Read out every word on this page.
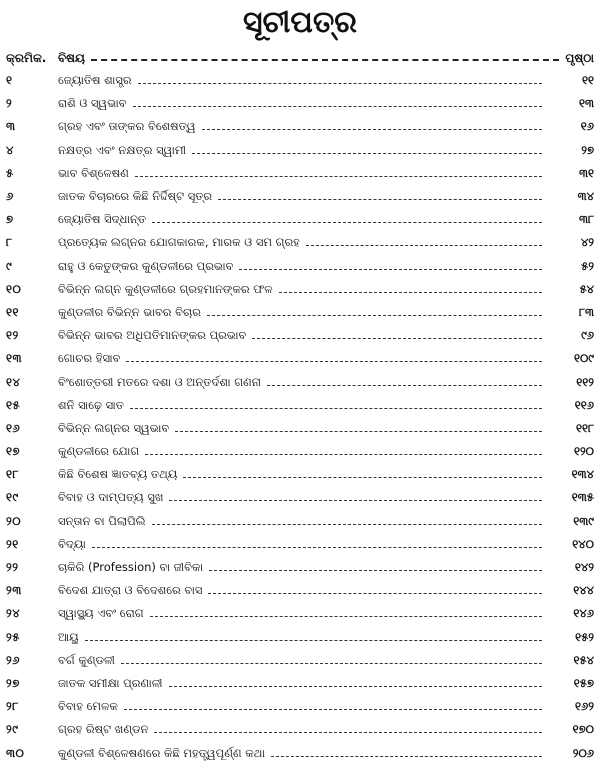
ସୂଚୀପତ୍ର
କ୍ରମିକ. ବିଷୟ	ପୃଷ୍ଠା
୧	ଜ୍ୟୋତିଷ ଶାସ୍ତ୍ର	୧୧
୨	ରାଶି ଓ ସ୍ୱଭାବ	୧୩
୩	ଗ୍ରହ ଏବଂ ତାଙ୍କର ବିଶେଷତ୍ୱ	୧୬
୪	ନକ୍ଷତ୍ର ଏବଂ ନକ୍ଷତ୍ର ସ୍ୱାମୀ	୨୭
୫	ଭାବ ବିଶ୍ଳେଷଣ	୩୧
୬	ଜାତକ ବିଚାରରେ କିଛି ନିର୍ଦ୍ଦିଷ୍ଟ ସୂତ୍ର	୩୪
୭	ଜ୍ୟୋତିଷ ସିଦ୍ଧାନ୍ତ	୩୮
୮	ପ୍ରତ୍ୟେକ ଲଗ୍ନର ଯୋଗକାରକ, ମାରକ ଓ ସମ ଗ୍ରହ	୪୨
୯	ରାହୁ ଓ କେତୁଙ୍କର କୁଣ୍ଡଳୀରେ ପ୍ରଭାବ	୫୨
୧୦	ବିଭିନ୍ନ ଲଗ୍ନ କୁଣ୍ଡଳୀରେ ଗ୍ରହମାନଙ୍କର ଫଳ	୫୪
୧୧	କୁଣ୍ଡଳୀର ବିଭିନ୍ନ ଭାବର ବିଚାର	୮୩
୧୨	ବିଭିନ୍ନ ଭାବର ଅଧିପତିମାନଙ୍କର ପ୍ରଭାବ	୯୬
୧୩	ଗୋଚର ହିସାବ	୧୦୯
୧୪	ବିଂଶୋତ୍ତରୀ ମତରେ ଦଶା ଓ ଅନ୍ତର୍ଦଶା ଗଣନା	୧୧୨
୧୫	ଶନି ସାଢ଼େ ସାତ	୧୧୬
୧୬	ବିଭିନ୍ନ ଲଗ୍ନର ସ୍ୱଭାବ	୧୧୮
୧୭	କୁଣ୍ଡଳୀରେ ଯୋଗ	୧୨୦
୧୮	କିଛି ବିଶେଷ ଜ୍ଞାତବ୍ୟ ତଥ୍ୟ	୧୩୪
୧୯	ବିବାହ ଓ ଦାମ୍ପତ୍ୟ ସୁଖ	୧୩୫
୨୦	ସନ୍ତାନ ବା ପିଲାପିଲି	୧୩୯
୨୧	ବିଦ୍ୟା	୧୪୦
୨୨	ଚାକିରି (Profession) ବା ଜୀବିକା	୧୪୨
୨୩	ବିଦେଶ ଯାତ୍ରା ଓ ବିଦେଶରେ ବାସ	୧୪୪
୨୪	ସ୍ୱାସ୍ଥ୍ୟ ଏବଂ ରୋଗ	୧୪୬
୨୫	ଆୟୁ	୧୫୨
୨୬	ବର୍ଗ କୁଣ୍ଡଳୀ	୧୫୪
୨୭	ଜାତକ ସମୀକ୍ଷା ପ୍ରଣାଳୀ	୧୫୭
୨୮	ବିବାହ ମେଳକ	୧୬୨
୨୯	ଗ୍ରହ ରିଷ୍ଟ ଖଣ୍ଡନ	୧୭୦
୩୦	କୁଣ୍ଡଳୀ ବିଶ୍ଳେଷଣରେ କିଛି ମହତ୍ତ୍ୱପୂର୍ଣ୍ଣ କଥା	୨୦୬
